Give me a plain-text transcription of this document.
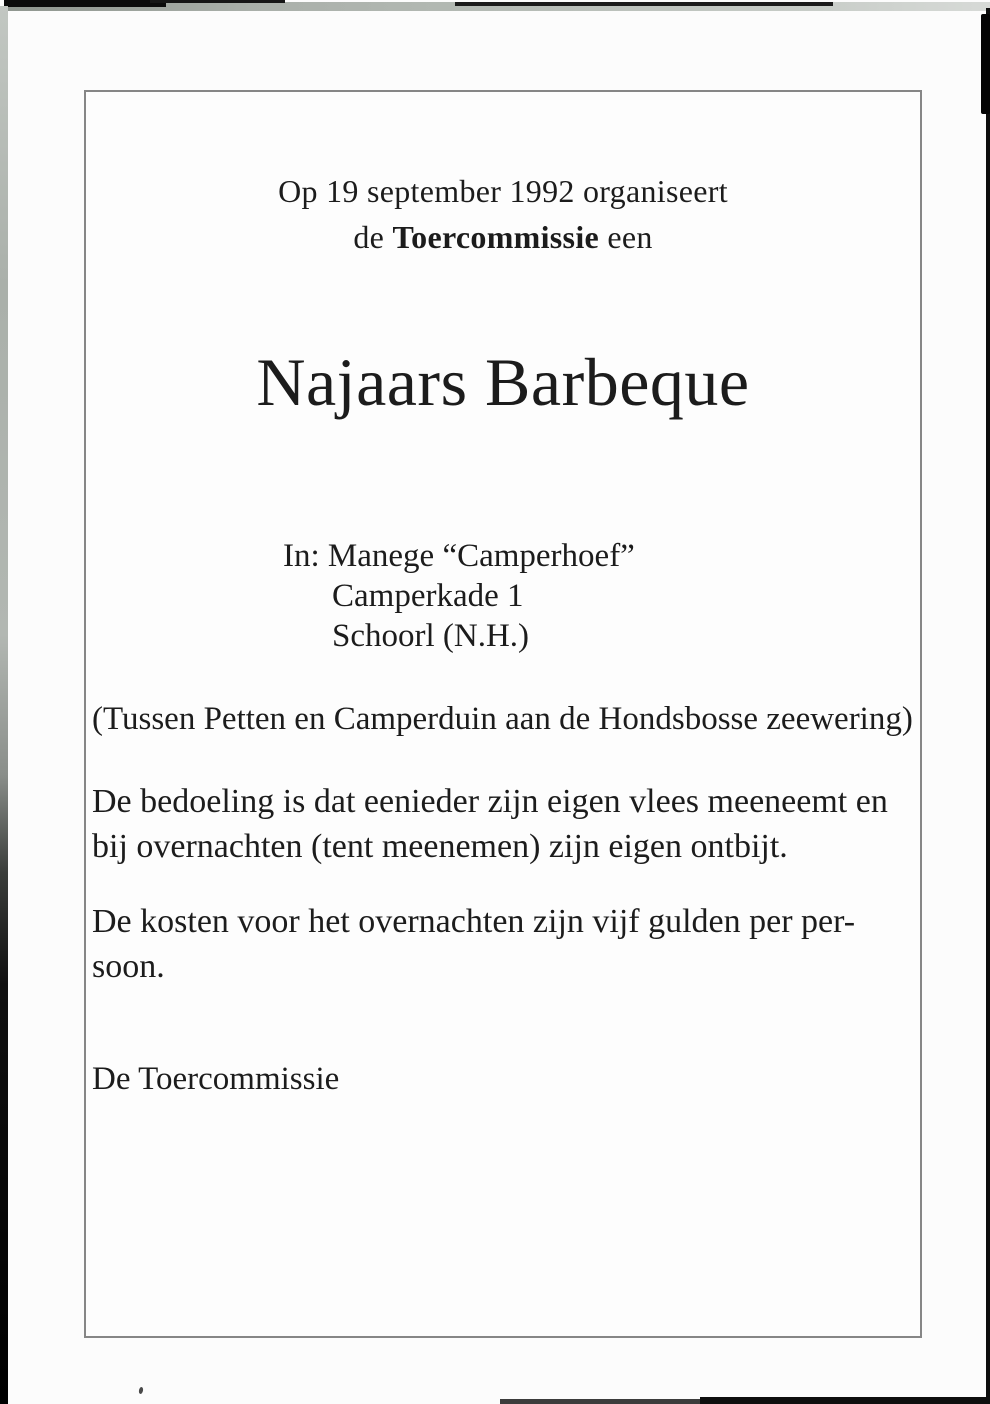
Op 19 september 1992 organiseert
de Toercommissie een
Najaars Barbeque
In: Manege “Camperhoef”
Camperkade 1
Schoorl (N.H.)
(Tussen Petten en Camperduin aan de Hondsbosse zeewering)
De bedoeling is dat eenieder zijn eigen vlees meeneemt en
bij overnachten (tent meenemen) zijn eigen ontbijt.
De kosten voor het overnachten zijn vijf gulden per per-
soon.
De Toercommissie
